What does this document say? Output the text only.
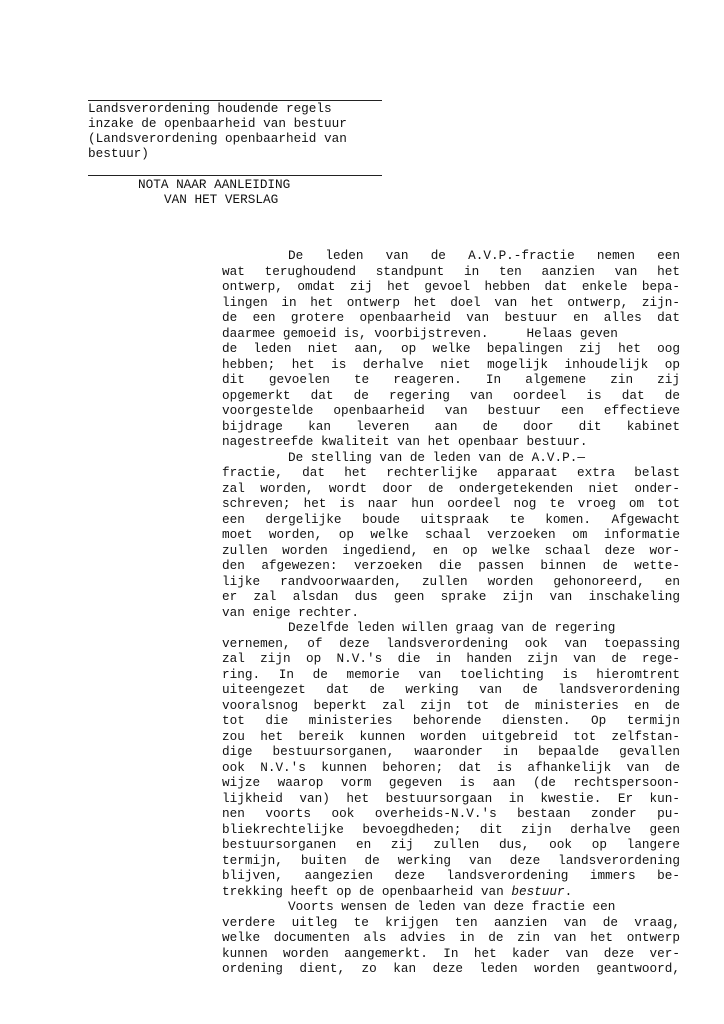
Landsverordening houdende regels
inzake de openbaarheid van bestuur
(Landsverordening openbaarheid van
bestuur)
NOTA NAAR AANLEIDING
VAN HET VERSLAG
De leden van de A.V.P.-fractie nemen een
wat terughoudend standpunt in ten aanzien van het
ontwerp, omdat zij het gevoel hebben dat enkele bepa-
lingen in het ontwerp het doel van het ontwerp, zijn-
de een grotere openbaarheid van bestuur en alles dat
daarmee gemoeid is, voorbijstreven.     Helaas geven
de leden niet aan, op welke bepalingen zij het oog
hebben; het is derhalve niet mogelijk inhoudelijk op
dit gevoelen te reageren. In algemene zin zij
opgemerkt dat de regering van oordeel is dat de
voorgestelde openbaarheid van bestuur een effectieve
bijdrage kan leveren aan de door dit kabinet
nagestreefde kwaliteit van het openbaar bestuur.
De stelling van de leden van de A.V.P.—
fractie, dat het rechterlijke apparaat extra belast
zal worden, wordt door de ondergetekenden niet onder-
schreven; het is naar hun oordeel nog te vroeg om tot
een dergelijke boude uitspraak te komen. Afgewacht
moet worden, op welke schaal verzoeken om informatie
zullen worden ingediend, en op welke schaal deze wor-
den afgewezen: verzoeken die passen binnen de wette-
lijke randvoorwaarden, zullen worden gehonoreerd, en
er zal alsdan dus geen sprake zijn van inschakeling
van enige rechter.
Dezelfde leden willen graag van de regering
vernemen, of deze landsverordening ook van toepassing
zal zijn op N.V.'s die in handen zijn van de rege-
ring. In de memorie van toelichting is hieromtrent
uiteengezet dat de werking van de landsverordening
vooralsnog beperkt zal zijn tot de ministeries en de
tot die ministeries behorende diensten. Op termijn
zou het bereik kunnen worden uitgebreid tot zelfstan-
dige bestuursorganen, waaronder in bepaalde gevallen
ook N.V.'s kunnen behoren; dat is afhankelijk van de
wijze waarop vorm gegeven is aan (de rechtspersoon-
lijkheid van) het bestuursorgaan in kwestie. Er kun-
nen voorts ook overheids-N.V.'s bestaan zonder pu-
bliekrechtelijke bevoegdheden; dit zijn derhalve geen
bestuursorganen en zij zullen dus, ook op langere
termijn, buiten de werking van deze landsverordening
blijven, aangezien deze landsverordening immers be-
trekking heeft op de openbaarheid van bestuur.
Voorts wensen de leden van deze fractie een
verdere uitleg te krijgen ten aanzien van de vraag,
welke documenten als advies in de zin van het ontwerp
kunnen worden aangemerkt. In het kader van deze ver-
ordening dient, zo kan deze leden worden geantwoord,
